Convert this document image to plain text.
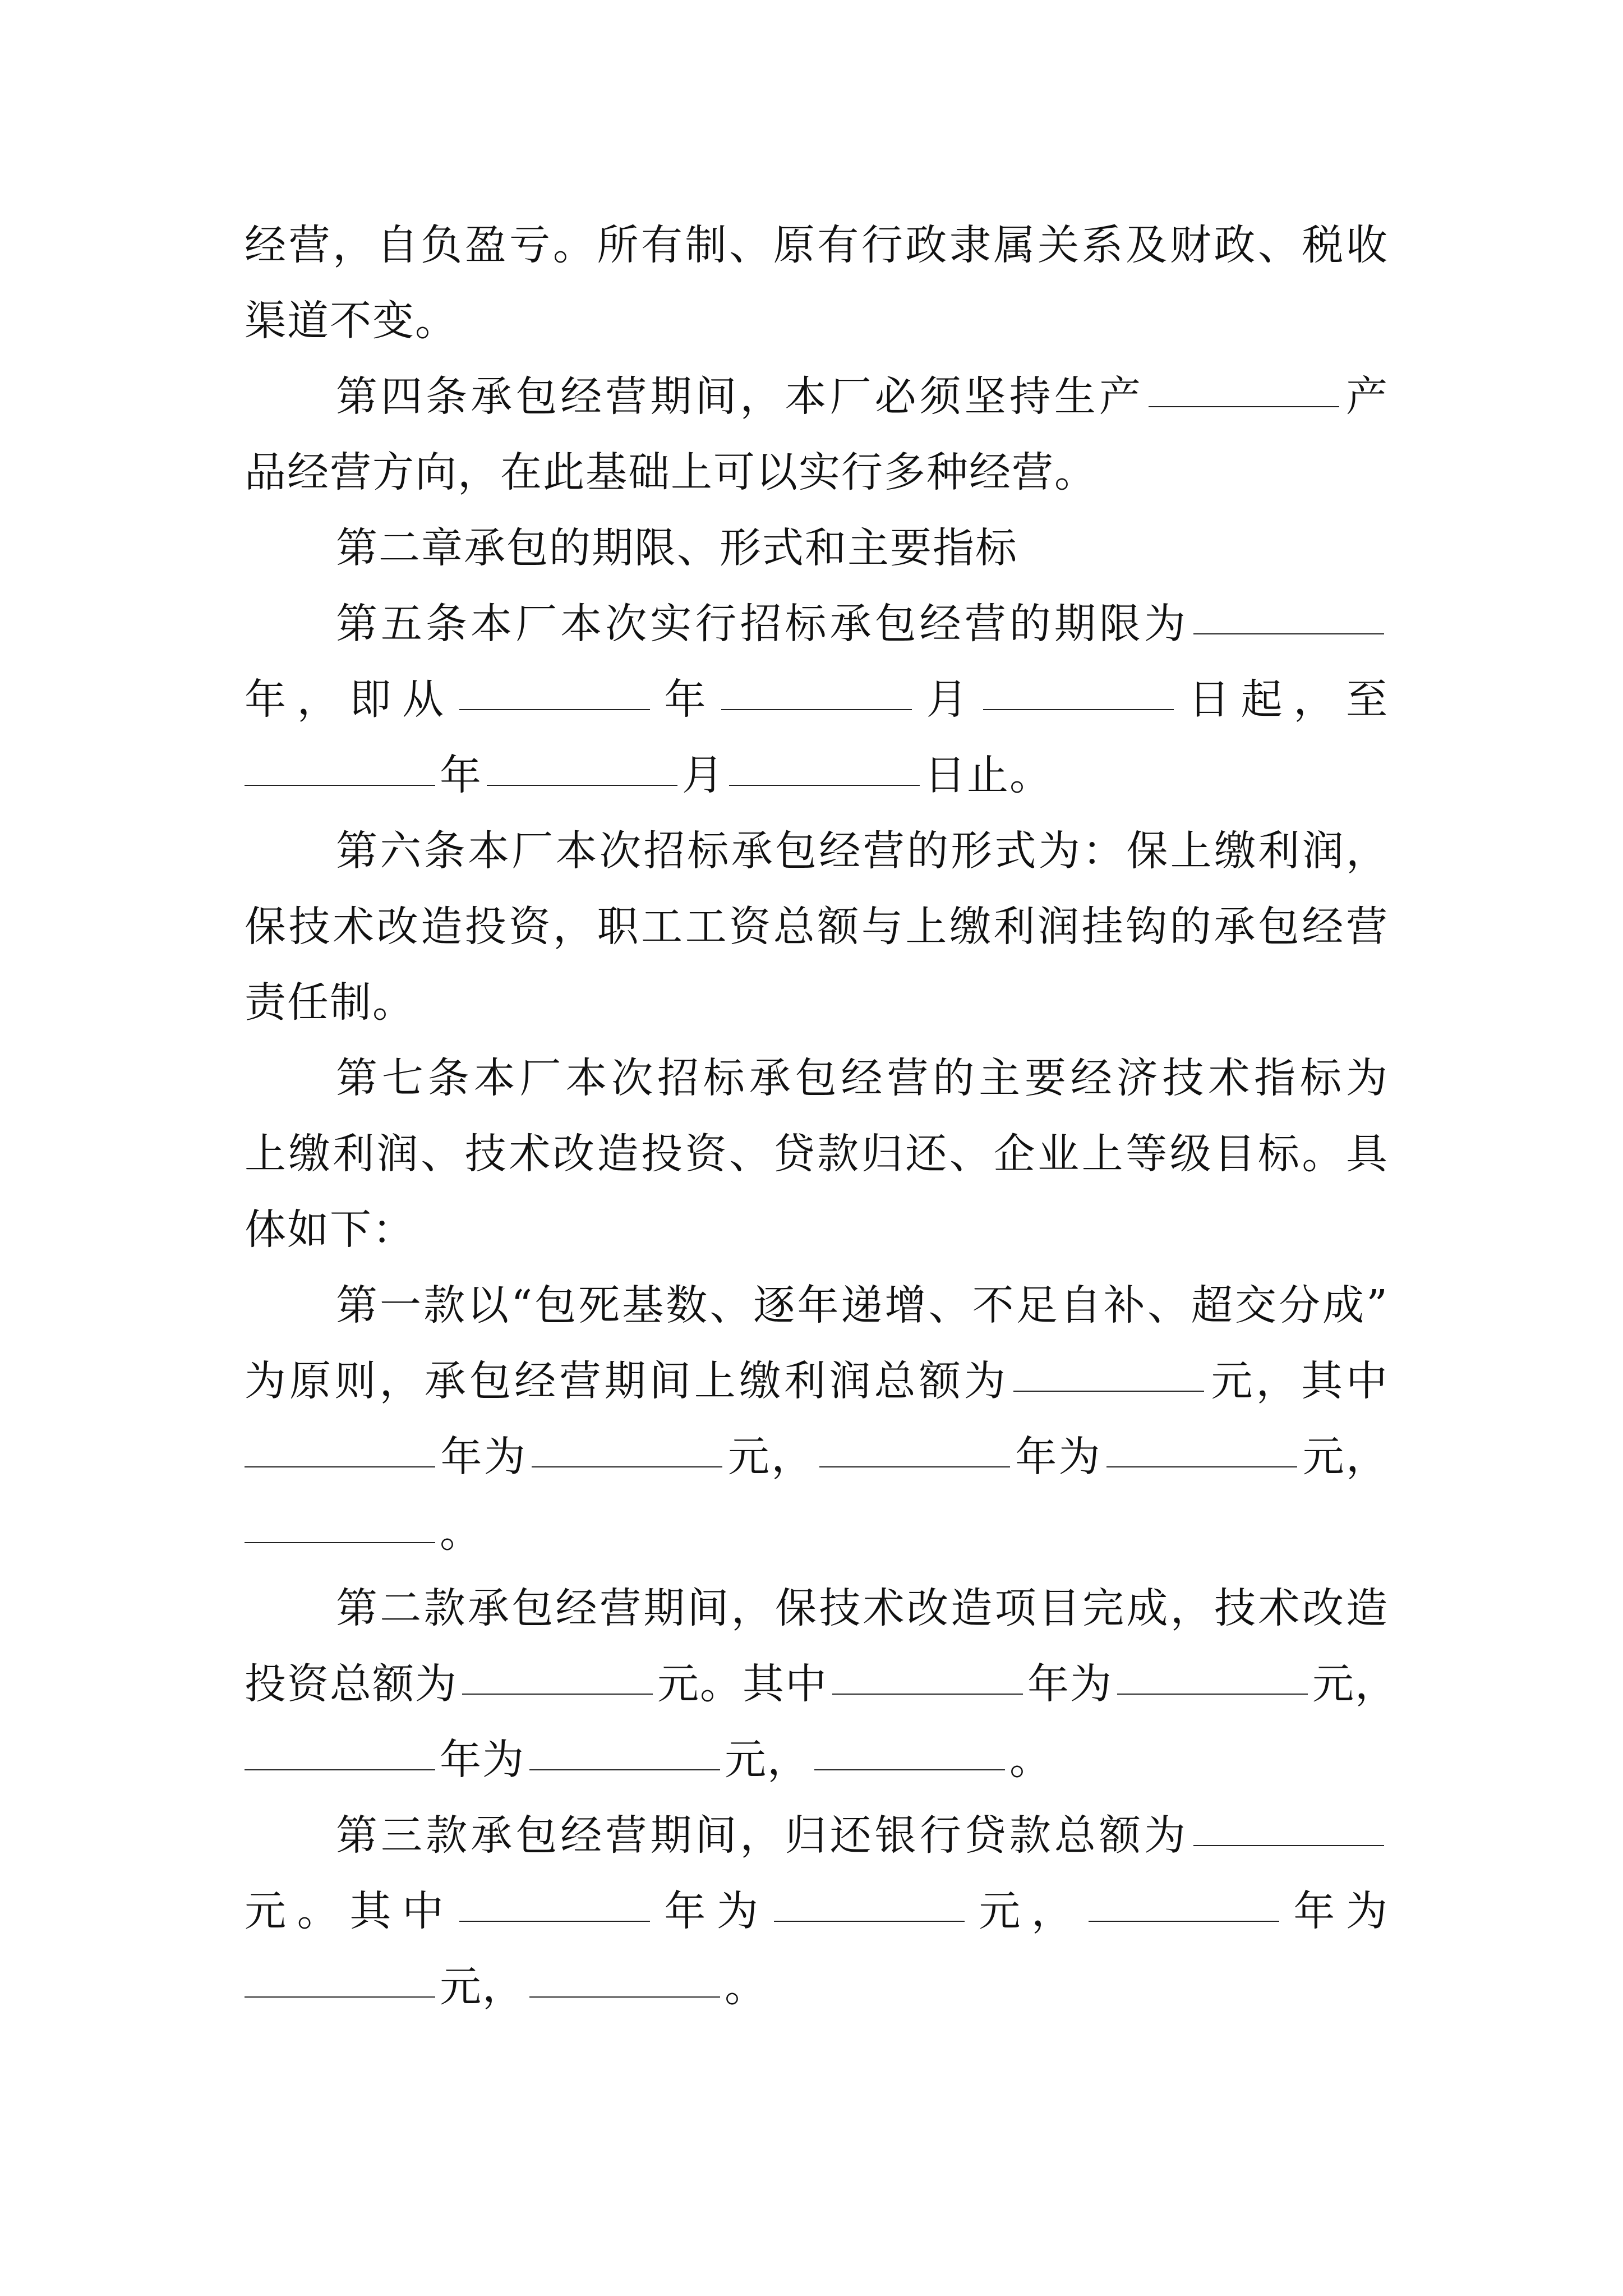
经营，自负盈亏。所有制、原有行政隶属关系及财政、税收
渠道不变。
第四条承包经营期间，本厂必须坚持生产	产
品经营方向，在此基础上可以实行多种经营。
第二章承包的期限、形式和主要指标
第五条本厂本次实行招标承包经营的期限为
年，即从	年	月	日起，至
年	月	日止。
第六条本厂本次招标承包经营的形式为：保上缴利润，
保技术改造投资，职工工资总额与上缴利润挂钩的承包经营
责任制。
第七条本厂本次招标承包经营的主要经济技术指标为
上缴利润、技术改造投资、贷款归还、企业上等级目标。具
体如下：
第一款以“包死基数、逐年递增、不足自补、超交分成”
为原则，承包经营期间上缴利润总额为	元，其中
年为	元，	年为	元，
。
第二款承包经营期间，保技术改造项目完成，技术改造
投资总额为	元。其中	年为	元，
年为	元，	。
第三款承包经营期间，归还银行贷款总额为
元。其中	年为	元，	年为
元，	。
